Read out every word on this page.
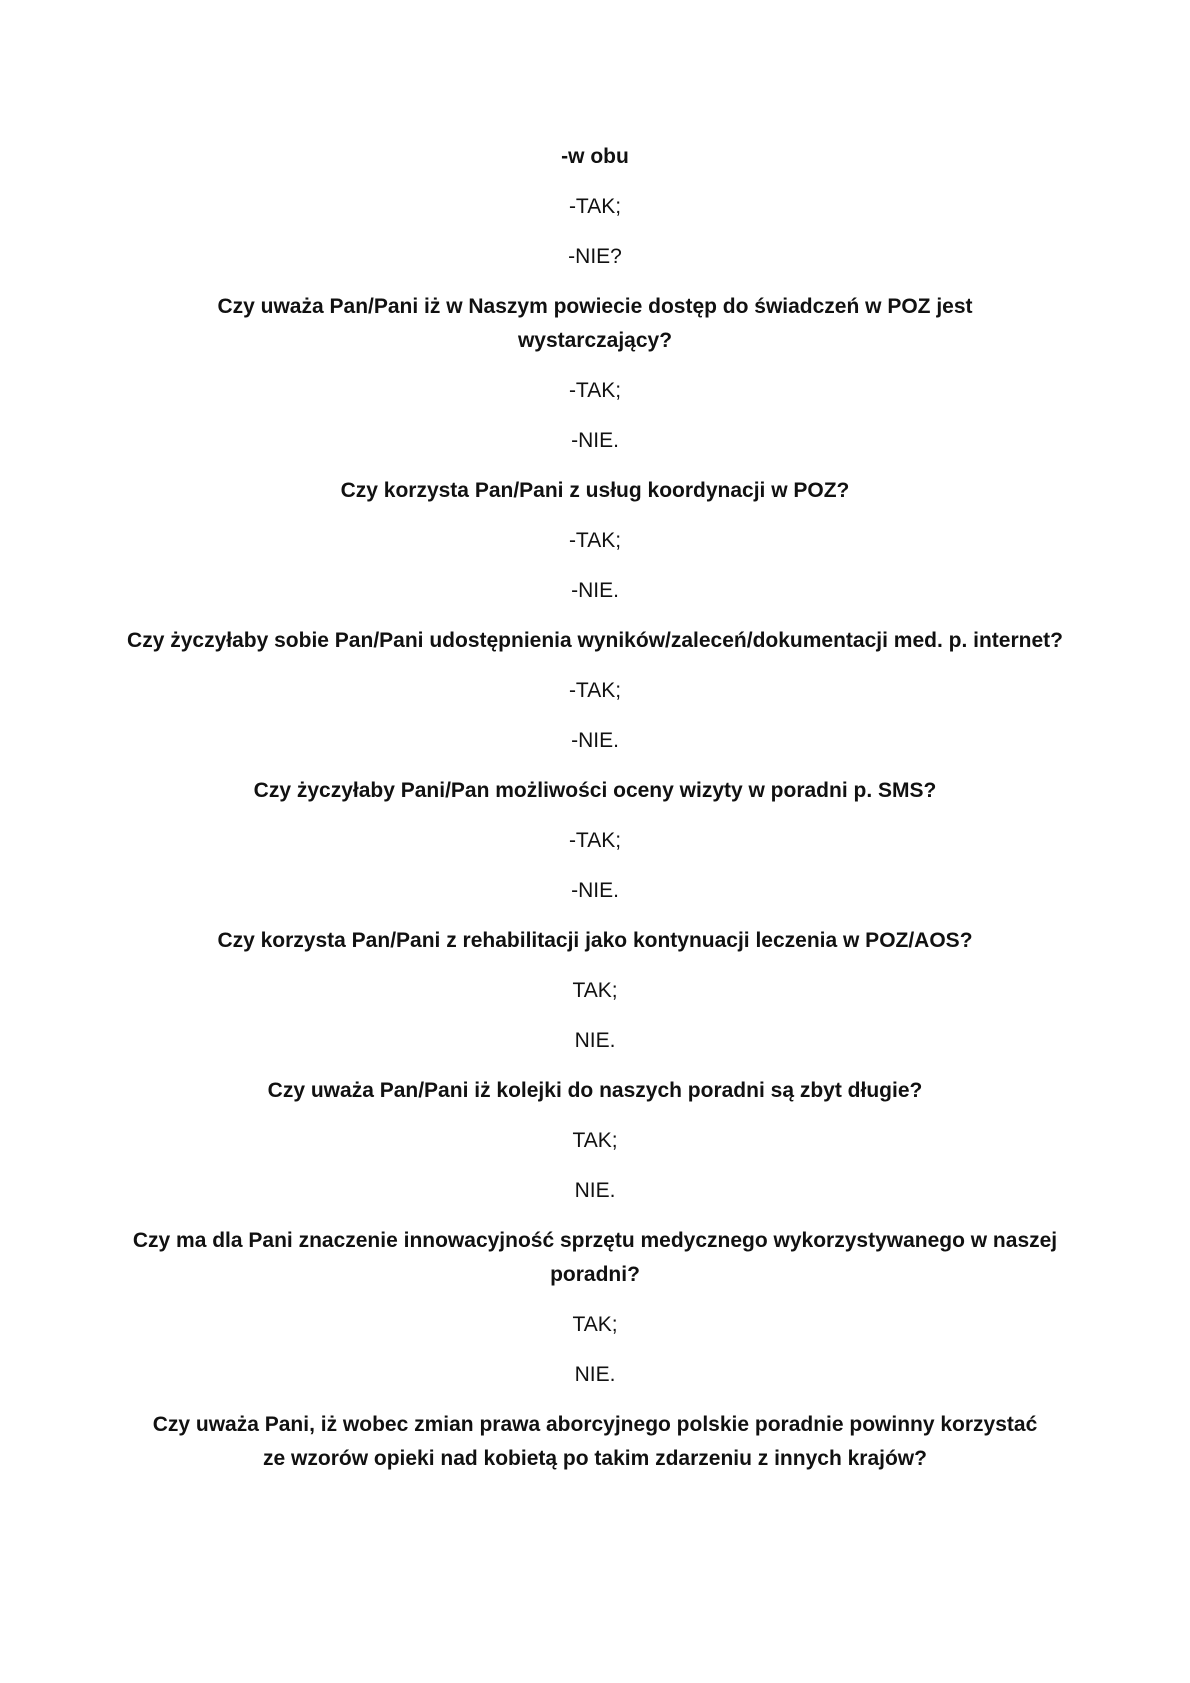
-w obu

-TAK;

-NIE?

Czy uważa Pan/Pani iż w Naszym powiecie dostęp do świadczeń w POZ jest wystarczający?

-TAK;

-NIE.

Czy korzysta Pan/Pani z usług koordynacji w POZ?

-TAK;

-NIE.

Czy życzyłaby sobie Pan/Pani udostępnienia wyników/zaleceń/dokumentacji med. p. internet?

-TAK;

-NIE.

Czy życzyłaby Pani/Pan możliwości oceny wizyty w poradni p. SMS?

-TAK;

-NIE.

Czy korzysta Pan/Pani z rehabilitacji jako kontynuacji leczenia w POZ/AOS?

TAK;

NIE.

Czy uważa Pan/Pani iż kolejki do naszych poradni są zbyt długie?

TAK;

NIE.

Czy ma dla Pani znaczenie innowacyjność sprzętu medycznego wykorzystywanego w naszej poradni?

TAK;

NIE.

Czy uważa Pani, iż wobec zmian prawa aborcyjnego polskie poradnie powinny korzystać ze wzorów opieki nad kobietą po takim zdarzeniu z innych krajów?
